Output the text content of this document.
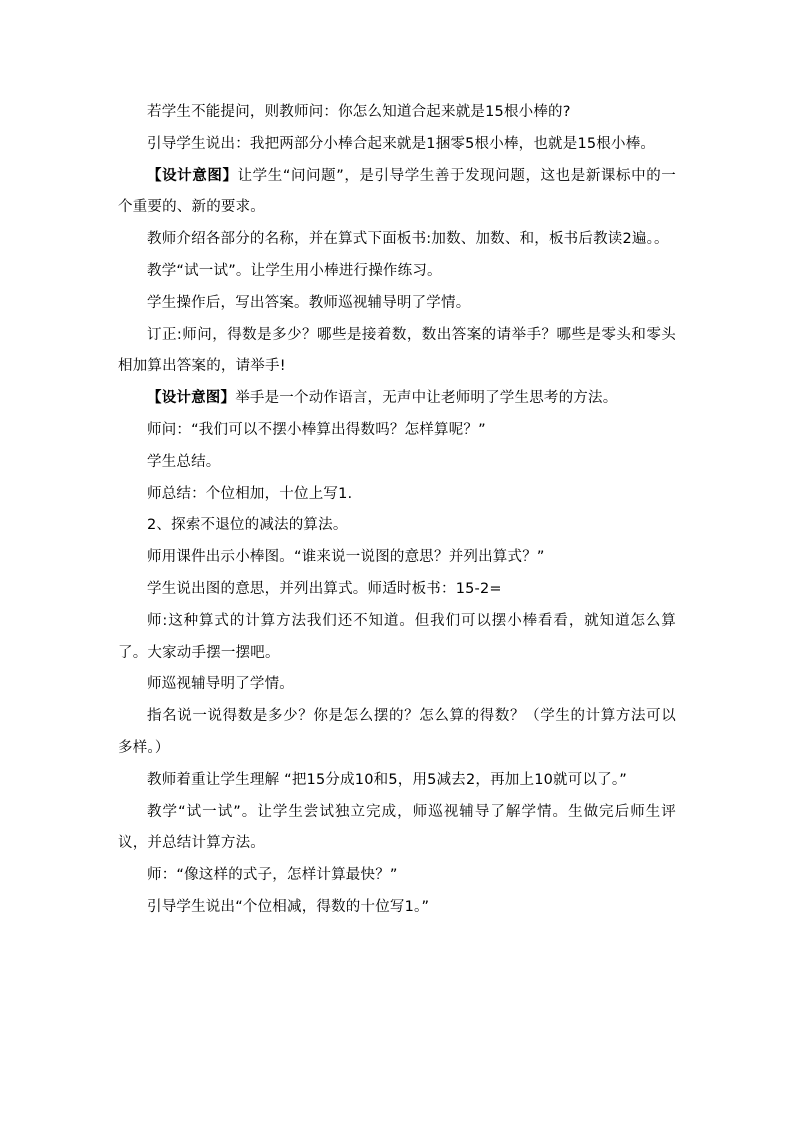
若学生不能提问，则教师问：你怎么知道合起来就是15根小棒的?

引导学生说出：我把两部分小棒合起来就是1捆零5根小棒，也就是15根小棒。

【设计意图】让学生“问问题”，是引导学生善于发现问题，这也是新课标中的一个重要的、新的要求。

教师介绍各部分的名称，并在算式下面板书:加数、加数、和，板书后教读2遍。。

教学“试一试”。让学生用小棒进行操作练习。

学生操作后，写出答案。教师巡视辅导明了学情。

订正:师问，得数是多少？哪些是接着数，数出答案的请举手？哪些是零头和零头相加算出答案的，请举手!

【设计意图】举手是一个动作语言，无声中让老师明了学生思考的方法。

师问：“我们可以不摆小棒算出得数吗？怎样算呢？”

学生总结。

师总结：个位相加，十位上写1.

2、探索不退位的减法的算法。

师用课件出示小棒图。“谁来说一说图的意思？并列出算式？”

学生说出图的意思，并列出算式。师适时板书：15-2=

师:这种算式的计算方法我们还不知道。但我们可以摆小棒看看，就知道怎么算了。大家动手摆一摆吧。

师巡视辅导明了学情。

指名说一说得数是多少？你是怎么摆的？怎么算的得数？（学生的计算方法可以多样。）

教师着重让学生理解 “把15分成10和5，用5减去2，再加上10就可以了。”

教学“试一试”。让学生尝试独立完成，师巡视辅导了解学情。生做完后师生评议，并总结计算方法。

师：“像这样的式子，怎样计算最快？”

引导学生说出“个位相减，得数的十位写1。”
